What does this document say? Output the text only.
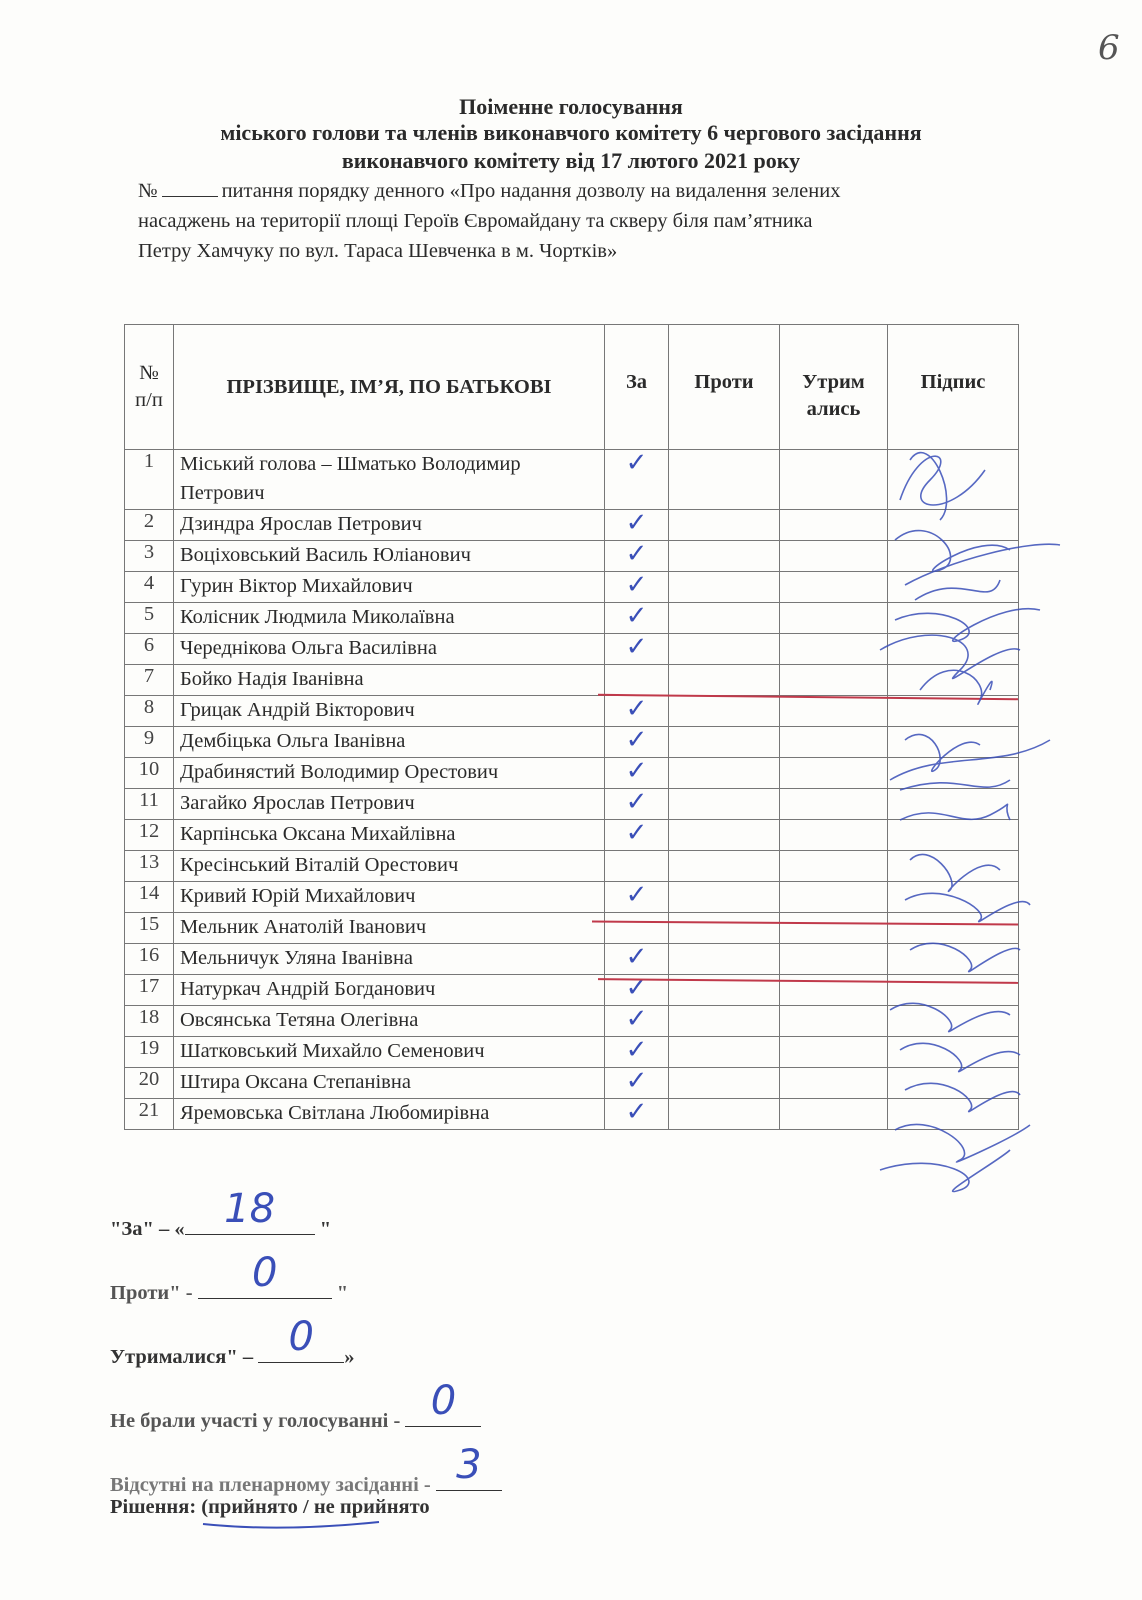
6
Поіменне голосування
міського голови та членів виконавчого комітету 6 чергового засідання
виконавчого комітету від 17 лютого 2021 року
№	питання порядку денного «Про надання дозволу на видалення зелених
насаджень на території площі Героїв Євромайдану та скверу біля пам’ятника
Петру Хамчуку по вул. Тараса Шевченка в м. Чортків»
№ п/п	ПРІЗВИЩЕ, ІМ’Я, ПО БАТЬКОВІ	За	Проти	Утрим ались	Підпис
1	Міський голова – Шматько Володимир Петрович	✓			
2	Дзиндра Ярослав Петрович	✓			
3	Воціховський Василь Юліанович	✓			
4	Гурин Віктор Михайлович	✓			
5	Колісник Людмила Миколаївна	✓			
6	Череднікова Ольга Василівна	✓			
7	Бойко Надія Іванівна				
8	Грицак Андрій Вікторович	✓			
9	Дембіцька Ольга Іванівна	✓			
10	Драбинястий Володимир Орестович	✓			
11	Загайко Ярослав Петрович	✓			
12	Карпінська Оксана Михайлівна	✓			
13	Кресінський Віталій Орестович				
14	Кривий Юрій Михайлович	✓			
15	Мельник Анатолій Іванович				
16	Мельничук Уляна Іванівна	✓			
17	Натуркач Андрій Богданович	✓			
18	Овсянська Тетяна Олегівна	✓			
19	Шатковський Михайло Семенович	✓			
20	Штира Оксана Степанівна	✓			
21	Яремовська Світлана Любомирівна	✓			
"За" – « 18	"
Проти" -	0	"
Утрималися" – 0	»
Не брали участі у голосуванні - 0
Відсутні на пленарному засіданні - 3
Рішення: (прийнято / не прийнято
